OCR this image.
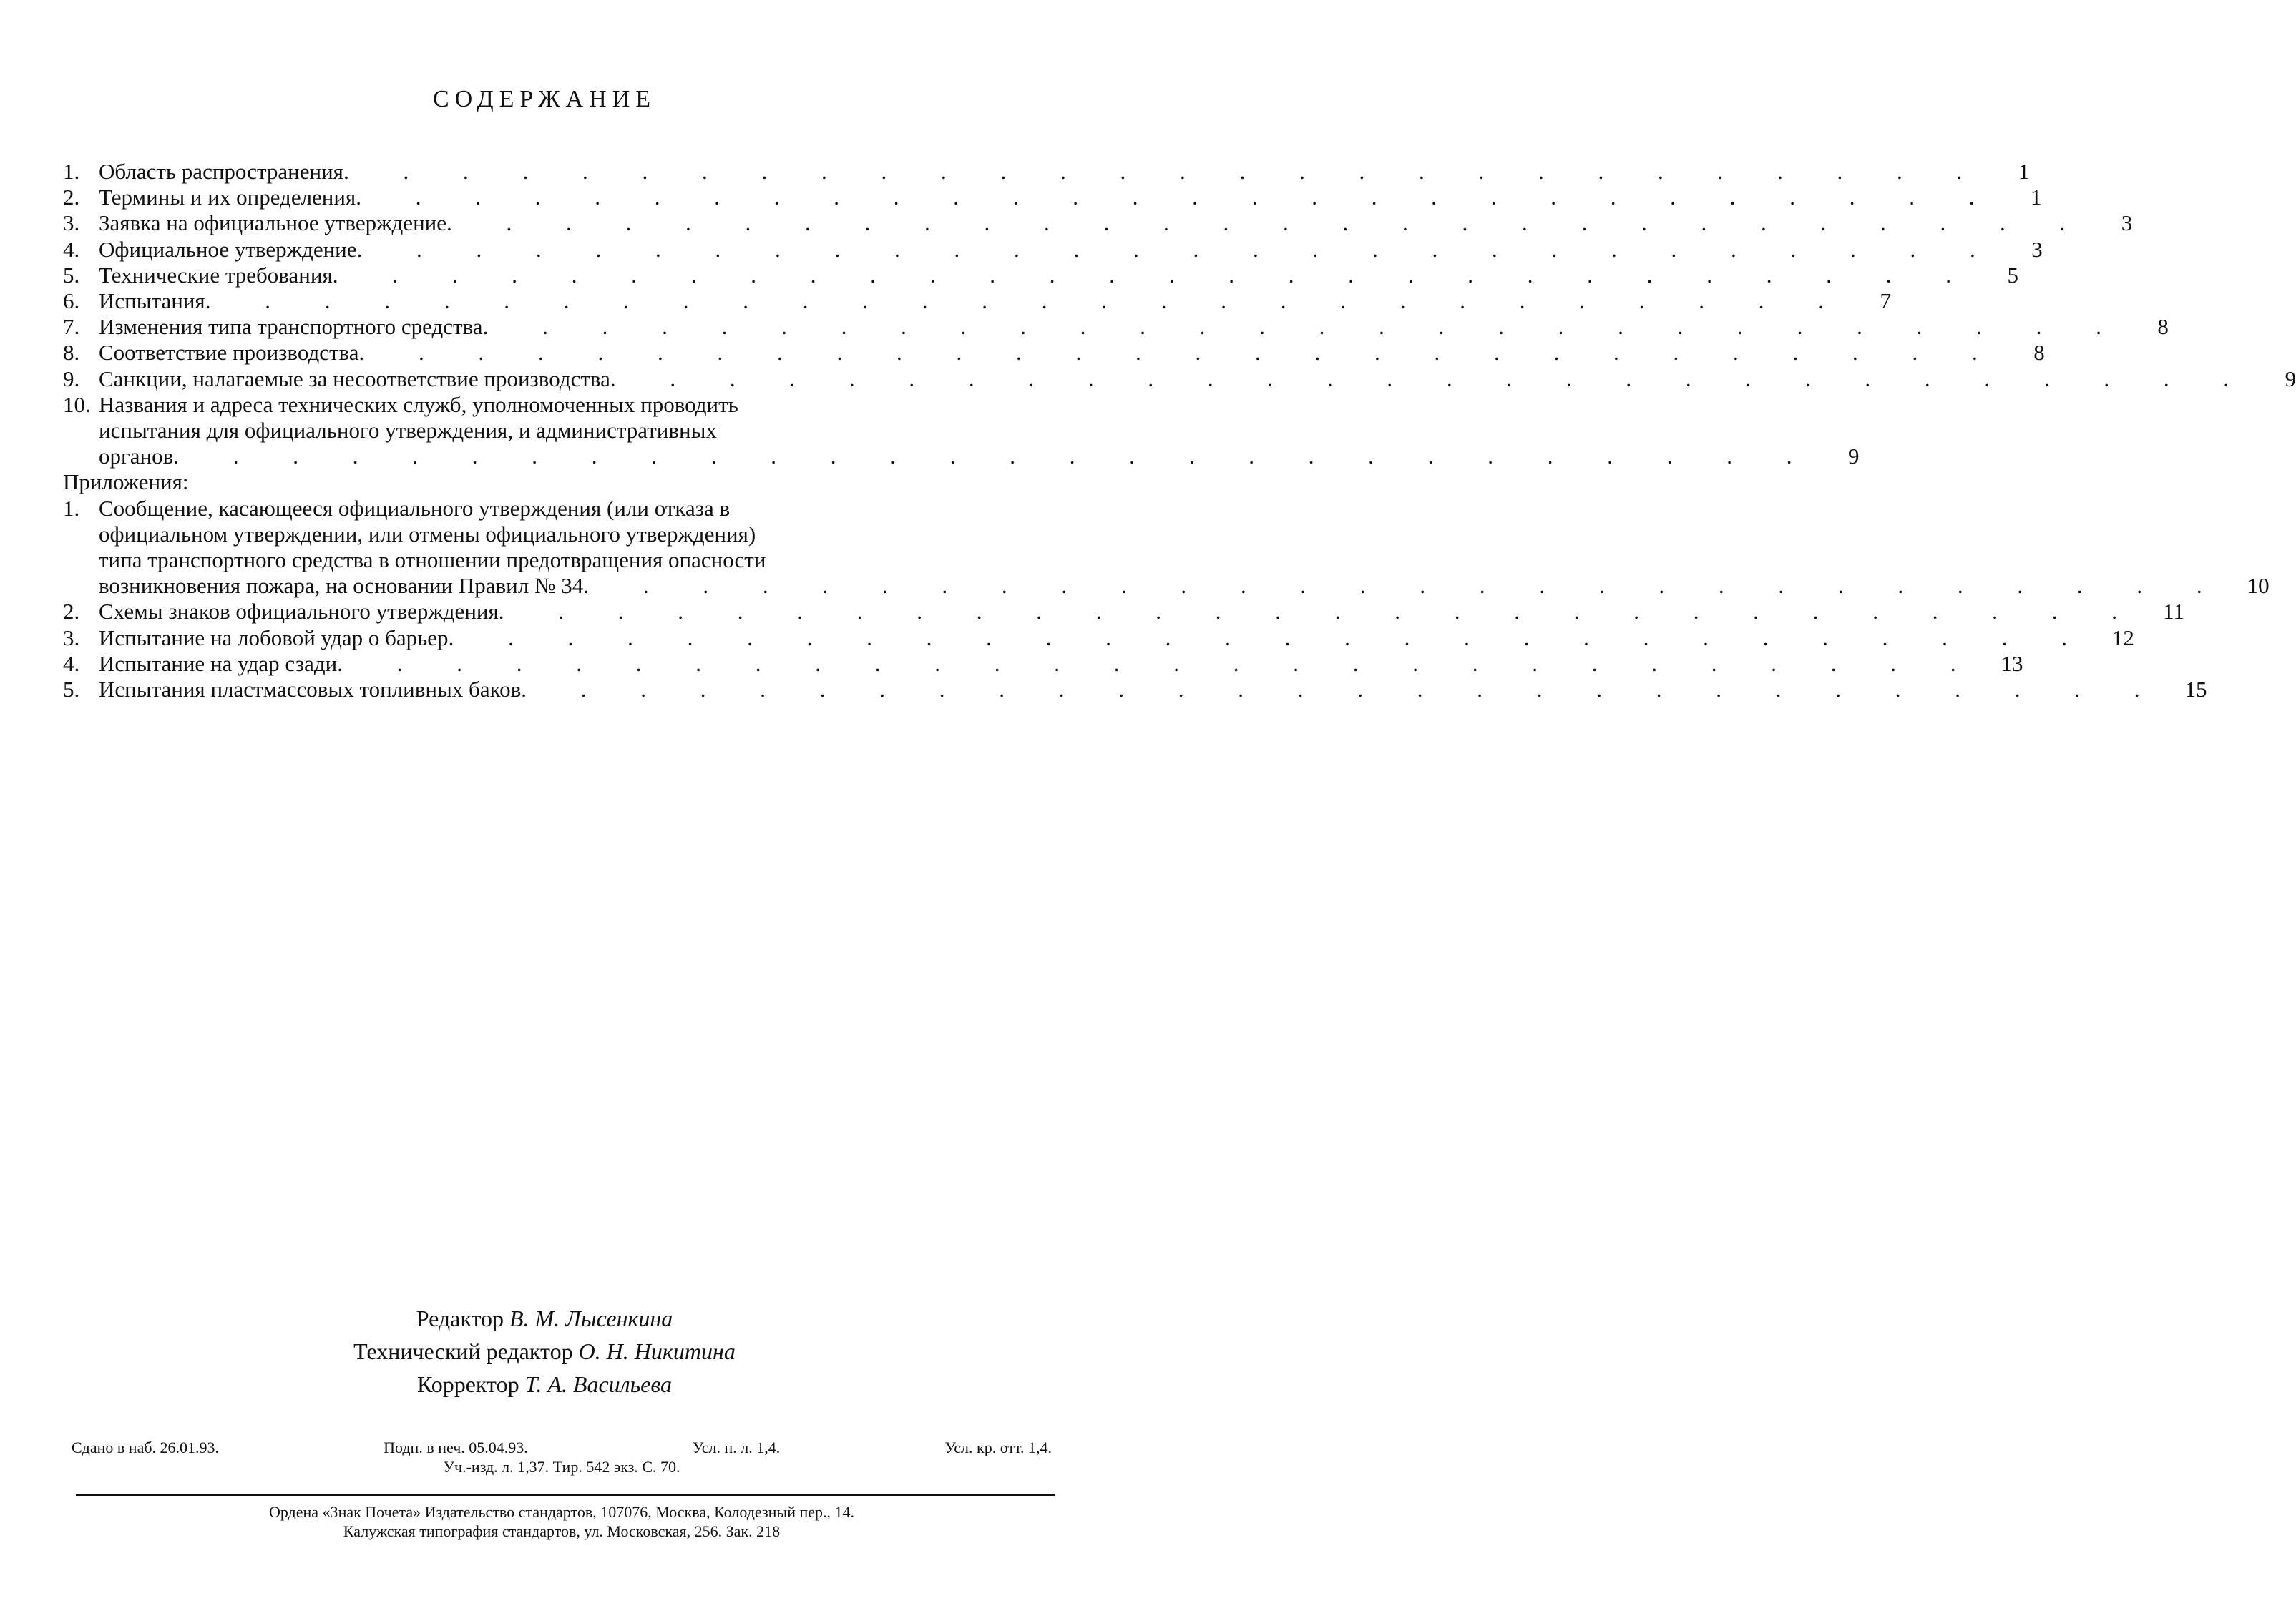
СОДЕРЖАНИЕ
1. Область распространения . . . . . . . . . . . . . . . . . . . . . . . . . . . .	1
2. Термины и их определения . . . . . . . . . . . . . . . . . . . . . . . . . . . .	1
3. Заявка на официальное утверждение . . . . . . . . . . . . . . . . . . . . . . . . . . . .	3
4. Официальное утверждение . . . . . . . . . . . . . . . . . . . . . . . . . . . .	3
5. Технические требования . . . . . . . . . . . . . . . . . . . . . . . . . . . .	5
6. Испытания . . . . . . . . . . . . . . . . . . . . . . . . . . . .	7
7. Изменения типа транспортного средства . . . . . . . . . . . . . . . . . . . . . . . . . . . .	8
8. Соответствие производства . . . . . . . . . . . . . . . . . . . . . . . . . . . .	8
9. Санкции, налагаемые за несоответствие производства . . . . . . . . . . . . . . . . . . . . . . . . . . . .	9
10. Названия и адреса технических служб, уполномоченных проводить
испытания для официального утверждения, и административных
органов . . . . . . . . . . . . . . . . . . . . . . . . . . . .	9
Приложения:
1. Сообщение, касающееся официального утверждения (или отказа в
официальном утверждении, или отмены официального утверждения)
типа транспортного средства в отношении предотвращения опасности
возникновения пожара, на основании Правил № 34 . . . . . . . . . . . . . . . . . . . . . . . . . . . . 10
2. Схемы знаков официального утверждения . . . . . . . . . . . . . . . . . . . . . . . . . . . . 11
3. Испытание на лобовой удар о барьер . . . . . . . . . . . . . . . . . . . . . . . . . . . . 12
4. Испытание на удар сзади . . . . . . . . . . . . . . . . . . . . . . . . . . . . 13
5. Испытания пластмассовых топливных баков . . . . . . . . . . . . . . . . . . . . . . . . . . . . 15
Редактор В. М. Лысенкина
Технический редактор О. Н. Никитина
Корректор Т. А. Васильева
Сдано в наб. 26.01.93.	Подп. в печ. 05.04.93.	Усл. п. л. 1,4.	Усл. кр. отт. 1,4.
Уч.-изд. л. 1,37. Тир. 542 экз. С. 70.
Ордена «Знак Почета» Издательство стандартов, 107076, Москва, Колодезный пер., 14.
Калужская типография стандартов, ул. Московская, 256. Зак. 218
